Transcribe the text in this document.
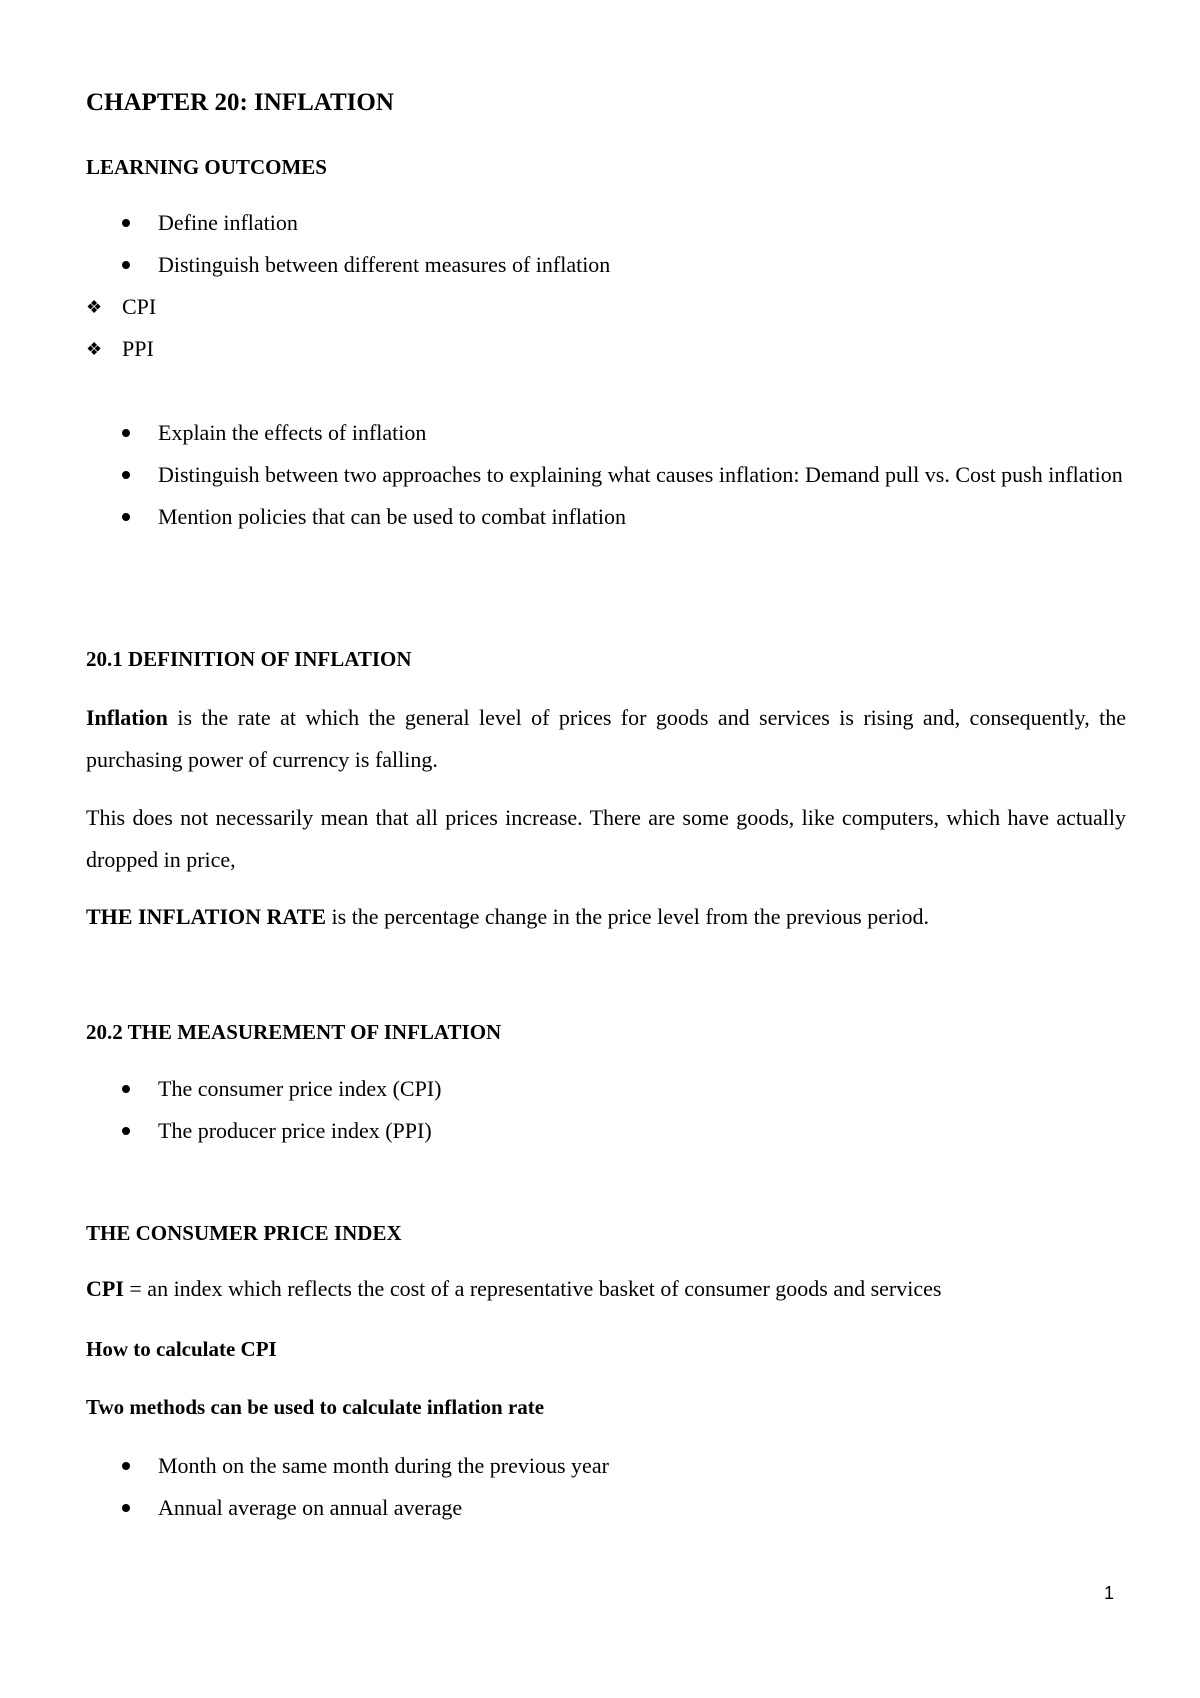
CHAPTER 20: INFLATION
LEARNING OUTCOMES
Define inflation
Distinguish between different measures of inflation
❖ CPI
❖ PPI
Explain the effects of inflation
Distinguish between two approaches to explaining what causes inflation: Demand pull vs. Cost push inflation
Mention policies that can be used to combat inflation
20.1 DEFINITION OF INFLATION

Inflation is the rate at which the general level of prices for goods and services is rising and, consequently, the purchasing power of currency is falling.

This does not necessarily mean that all prices increase. There are some goods, like computers, which have actually dropped in price,

THE INFLATION RATE is the percentage change in the price level from the previous period.

20.2 THE MEASUREMENT OF INFLATION
The consumer price index (CPI)
The producer price index (PPI)
THE CONSUMER PRICE INDEX

CPI = an index which reflects the cost of a representative basket of consumer goods and services

How to calculate CPI
Two methods can be used to calculate inflation rate
Month on the same month during the previous year
Annual average on annual average

1
